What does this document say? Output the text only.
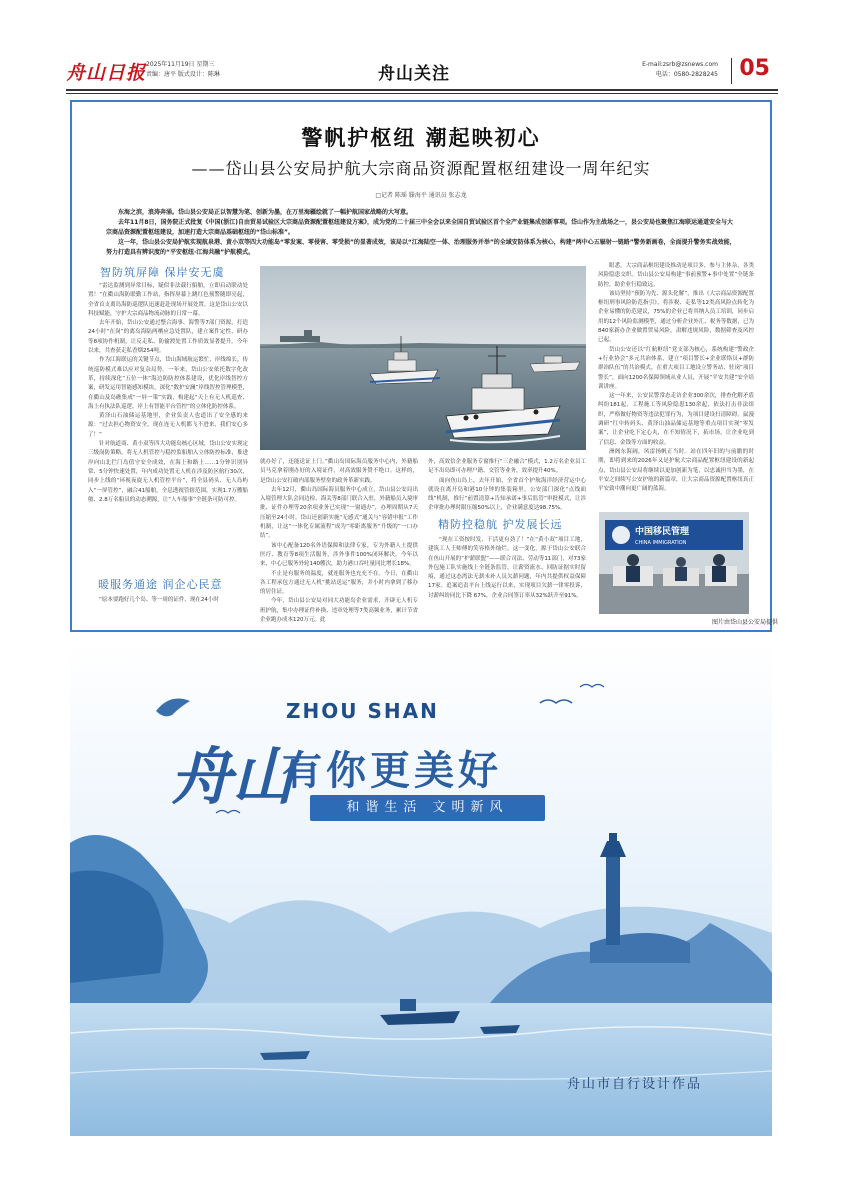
舟山日报 2025年11月19日 星期三
责编：唐平 版式设计：陈琳	舟山关注	E-mail:zsrb@zsnews.com
电话：0580-2828245 05
警帆护枢纽 潮起映初心
——岱山县公安局护航大宗商品资源配置枢纽建设一周年纪实
□记者 陈瑶 滕海平 通讯员 张志龙

东海之滨，浪涛奔涌。岱山县公安局正以智慧为笔、创新为墨，在万里海疆绘就了一幅护航国家战略的大写意。

去年11月8日，国务院正式批复《中国(浙江)自由贸易试验区大宗商品资源配置枢纽建设方案》，成为党的二十届三中全会以来全国自贸试验区首个全产业链集成创新事项。岱山作为主战场之一，县公安局也聚焦江海联运通道安全与大宗商品资源配置枢纽建设，加速打造大宗商品基础枢纽的“岱山标准”。

这一年，岱山县公安局护航实现航泉港、黄小双等四大功能岛“零发案、零侵害、零受损”的显著成效，该局以“江海陆空一体、治理服务并举”的全域安防体系为核心，构建“两中心五辐射一链路”警务新画卷，全面提升警务实战效能，努力打造具有辨识度的“平安枢纽·江海共融”护航模式。

智防筑屏障 保岸安无虞

“雷达监测到异常目标，疑似非法载行船舶，立即启动联动处置！”在衢山海防联勤工作站，指挥屏幕上跳红色预警随即亮起，全省首支离岛海防巡逻队迅速赶赴现场开展处置。这是岱山公安以科技赋能，守护大宗商品物流动脉的日常一幕。

去年开始，岱山公安通过整合海事、海警等7部门资源，打造24小时“在岗”的离岛海陆两栖应急处置队，建立案件定性、研办等8项协作机制，让反走私、防偷渡处置工作质效显著提升。今年以来，共查获走私香烟254吨。

作为江海联运的关键节点，岱山海域航运繁忙，岸线绵长，传统巡防模式难以应对复杂局势。一年来，岱山公安依托数字化改革，持续深化“五位一体”海边防防控体系建设，优化岸线智控方案，研发运用智能感知模块，深化“数护安澜”岸线智控管理模型，在衢山及岛礁集成“一屏一策”实践，构建起“天上有无人机巡查、海上有执法队巡逻、岸上有智能平台管控”的立体化防控体系。

黄泽山石油储运基地里，企业负责人也道出了安全感的来源：“过去担心物资安全，现在连无人机都飞不进来，我们安心多了！”

针对航道商、黄小双等四大功能岛核心区域，岱山公安实现定三级岗防策略，将无人机管控与稳控监船舶入立体防控标准，推进岸向山北拦门岛值守安全成效，在海上和路上……1分钟识别异常、5分钟快速处置，年内成功处置无人机在涉及防区航行30次，同步上线的“环视夜旋无人机管控平台”，将全县码头、无人岛屿入“一屏管控”，融合41船舶，全息透视管辖范围，实现1.7万艘船舶、2.8万名船员的动态溯源，让“人车船事”全链条可防可控。

暖服务通途 润企心民意

“原本要跑好几个岛、等一周的证件，现在24小时

就办好了，还能送证上门。”衢山岛国际海员服务中心内，外籍船员马克拿着刚办好的入境证件，对高效服务赞不绝口。这样的，是岱山公安打破内部服务壁垒的政务革新实践。

去年12月，衢山岛国际海员服务中心成立，岱山县公安局出入境管理大队会同边检、海关等8部门联合入驻，外籍船员入境审批、证件办理等20余项业务已实现“一窗通办”，办理周期从7天压缩至24小时。岱山还创新实施“无感式”通关与“容错申报”工作机制，让这“一体化专属流程”成为“零距离服务”升级的“一口办结”。

该中心配备120名外语保障和法律专家，专为外籍人士提供医疗、教育等8项生活服务，涉外事件100%闭环解决。今年以来，中心已服务外轮140艘次，助力港口吞吐量同比增长18%。

不止是有服务的温度，就连服务也充充不在。今日，在衢山各工程承包方通过无人机“挑站送运”服务，并小时内拿到了移办的居住证。

今年，岱山县公安局对同大功能岛企业需求，开辟无人机专班护航，集中办理证件补换、违章处理等7类高频业务，累计节省企业跑办成本120万元。此

外，高效信企业服务专窗推行“三企融合”模式，1.2万名企业员工足不出岛即可办理户籍、交管等业务，效率提升40%。

面向鱼山岛上，去年开始，全省首个护航海洋经济营运中心就设在离开岛和港10分钟的集装箱里。公安部门深化“点线面线”机制，推行“前置清算+告知承诺+事后监管”审批模式，让涉企审批办理时限压缩50%以上，企业满意度达98.75%。

精防控稳航 护发展长远

“现在工资按时发，干活更有劲了！”在“黄小双”项目工地，建筑工人王师傅的笑容格外灿烂。这一变化，源于岱山公安联合在鱼山开展的“护薪联盟”——联合司法、劳动等11部门，对73家外包施工队实施线上全链条监管，让薪资流水、回防证据实时留痕，通过这态湾法无薪未补人员欠薪问题，年内共提供权益保障17家。追案追责平台上线运行以来，实现项目欠薪一律零投诉，讨薪纠纷同比下降 67%，企业合同签订率从32%跃升至91%。

眼悉，大宗商品枢纽建设推动是项目多，参与主体杂，各类风险隐患交织。岱山县公安局构建“事前预警+事中处置”全链条防控，助企业行稳致远。

该局坚持“预防为先、源头化解”，推出《大宗商品资源配置枢纽刑事风险防范指引》，将涉税、走私等12类高风险点转化为企业易懂的防范建议，75%的企业已将其纳入员工培训，同步启用的12个风险监测模型，通过分析企业外汇、税务等数据，已为840家新办企业做置贸易风险，肃解违规风险，数据筛查及风控已起。

岱山公安还以“红航枢纽”党支部为核心，系统构建“警政企+行业协会”多元共治体系，建立“项目警长+企业联络员+群防群治队伍”的共治模式，在重大项目工地设立警务站、驻岗“项目警长”，面向1200名保障领域从业人员，开展“平安共建”安全培训讲座。

这一年来，公安民警常态走访企业300余次，排查化解矛盾纠纷181起，工程施工等风险隐患130余起，依法打击非法组织，严格做好物资等违法犯罪行为，为项目建设扫清障碍。鼠漫调研“红中转码头、黄泽山油品储运基地等重点项目实现“零发案”，让企业吃下定心丸，在不知情况下，拓市场，让企业吃到了信息、金钱等方面的收益。

洲阁东海阔，风雷扬帆正当时。站在四年旧的与前瞻的时期，即将到来的2026年又是护航大宗商品配置枢纽建设的新起点，岱山县公安局将继续以更加创新为笔，以忠诚担当为墨，在平安之间续写公安护航的新篇章，让大宗商品资源配置枢纽真正平安致中潮向更广阔的蓝海。

中国移民管理
CHINA IMMIGRATION
图片由岱山县公安局提供
ZHOU SHAN
舟山
有你更美好
和谐生活 文明新风
舟山市自行设计作品
